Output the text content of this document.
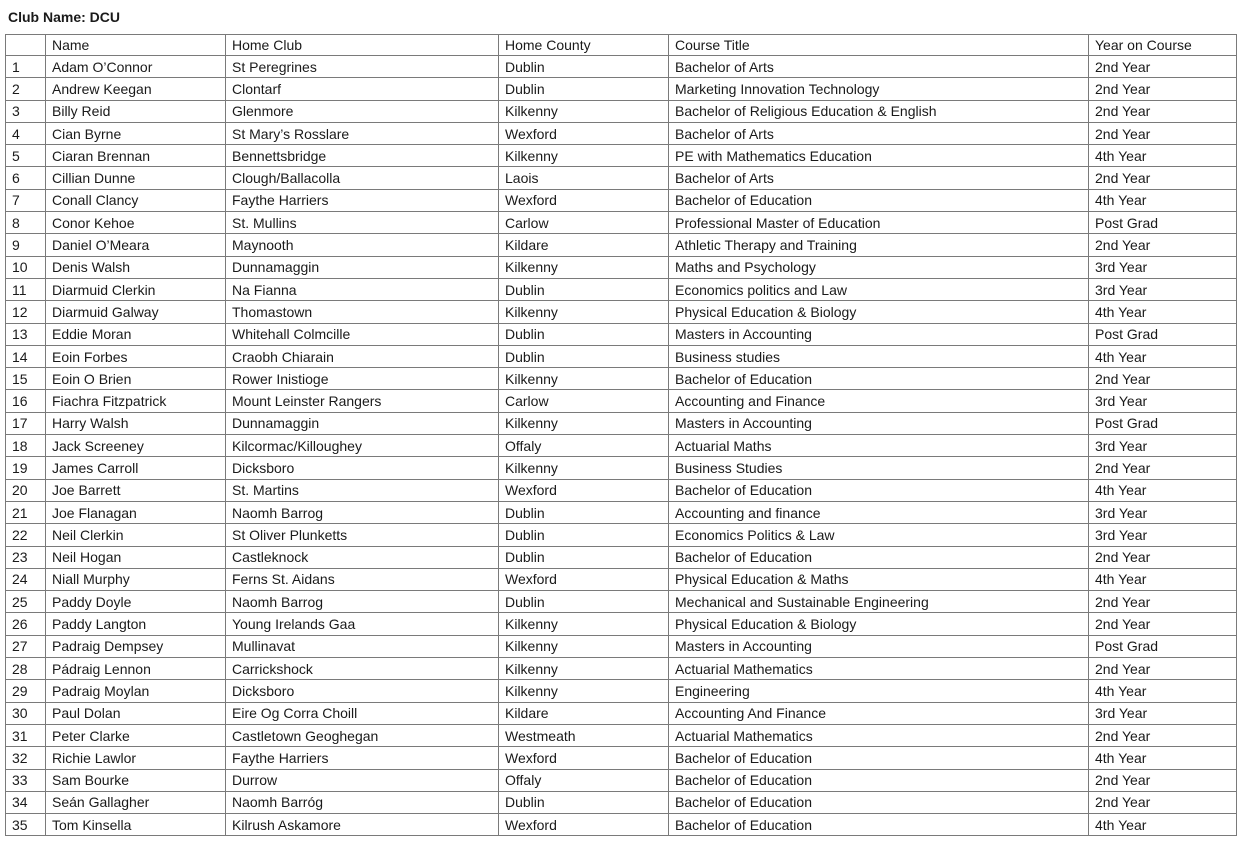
Club Name: DCU
	Name	Home Club	Home County	Course Title	Year on Course
1	Adam O’Connor	St Peregrines	Dublin	Bachelor of Arts	2nd Year
2	Andrew Keegan	Clontarf	Dublin	Marketing Innovation Technology	2nd Year
3	Billy Reid	Glenmore	Kilkenny	Bachelor of Religious Education & English	2nd Year
4	Cian Byrne	St Mary’s Rosslare	Wexford	Bachelor of Arts	2nd Year
5	Ciaran Brennan	Bennettsbridge	Kilkenny	PE with Mathematics Education	4th Year
6	Cillian Dunne	Clough/Ballacolla	Laois	Bachelor of Arts	2nd Year
7	Conall Clancy	Faythe Harriers	Wexford	Bachelor of Education	4th Year
8	Conor Kehoe	St. Mullins	Carlow	Professional Master of Education	Post Grad
9	Daniel O’Meara	Maynooth	Kildare	Athletic Therapy and Training	2nd Year
10	Denis Walsh	Dunnamaggin	Kilkenny	Maths and Psychology	3rd Year
11	Diarmuid Clerkin	Na Fianna	Dublin	Economics politics and Law	3rd Year
12	Diarmuid Galway	Thomastown	Kilkenny	Physical Education & Biology	4th Year
13	Eddie Moran	Whitehall Colmcille	Dublin	Masters in Accounting	Post Grad
14	Eoin Forbes	Craobh Chiarain	Dublin	Business studies	4th Year
15	Eoin O Brien	Rower Inistioge	Kilkenny	Bachelor of Education	2nd Year
16	Fiachra Fitzpatrick	Mount Leinster Rangers	Carlow	Accounting and Finance	3rd Year
17	Harry Walsh	Dunnamaggin	Kilkenny	Masters in Accounting	Post Grad
18	Jack Screeney	Kilcormac/Killoughey	Offaly	Actuarial Maths	3rd Year
19	James Carroll	Dicksboro	Kilkenny	Business Studies	2nd Year
20	Joe Barrett	St. Martins	Wexford	Bachelor of Education	4th Year
21	Joe Flanagan	Naomh Barrog	Dublin	Accounting and finance	3rd Year
22	Neil Clerkin	St Oliver Plunketts	Dublin	Economics Politics & Law	3rd Year
23	Neil Hogan	Castleknock	Dublin	Bachelor of Education	2nd Year
24	Niall Murphy	Ferns St. Aidans	Wexford	Physical Education & Maths	4th Year
25	Paddy Doyle	Naomh Barrog	Dublin	Mechanical and Sustainable Engineering	2nd Year
26	Paddy Langton	Young Irelands Gaa	Kilkenny	Physical Education & Biology	2nd Year
27	Padraig Dempsey	Mullinavat	Kilkenny	Masters in Accounting	Post Grad
28	Pádraig Lennon	Carrickshock	Kilkenny	Actuarial Mathematics	2nd Year
29	Padraig Moylan	Dicksboro	Kilkenny	Engineering	4th Year
30	Paul Dolan	Eire Og Corra Choill	Kildare	Accounting And Finance	3rd Year
31	Peter Clarke	Castletown Geoghegan	Westmeath	Actuarial Mathematics	2nd Year
32	Richie Lawlor	Faythe Harriers	Wexford	Bachelor of Education	4th Year
33	Sam Bourke	Durrow	Offaly	Bachelor of Education	2nd Year
34	Seán Gallagher	Naomh Barróg	Dublin	Bachelor of Education	2nd Year
35	Tom Kinsella	Kilrush Askamore	Wexford	Bachelor of Education	4th Year
